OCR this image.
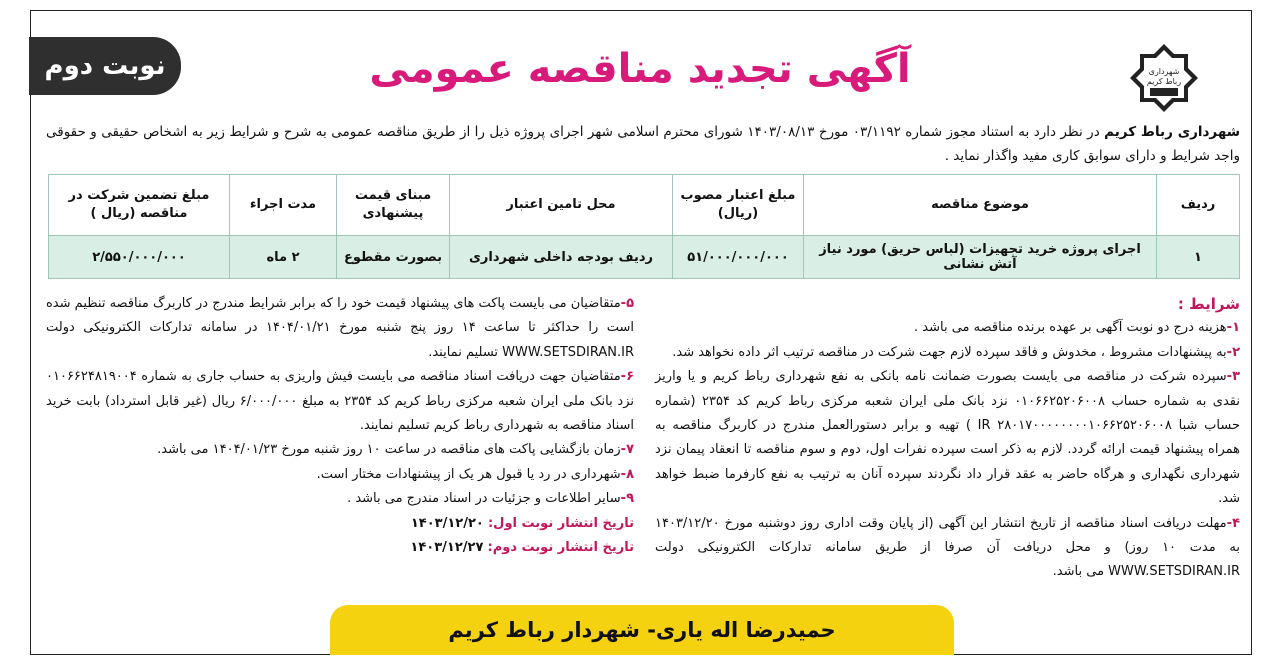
نوبت دوم	شهرداری
رباط کریم
آگهی تجدید مناقصه عمومی
شهرداری رباط کریم در نظر دارد به استناد مجوز شماره ۰۳/۱۱۹۲ مورخ ۱۴۰۳/۰۸/۱۳ شورای محترم اسلامی شهر اجرای پروژه ذیل را از طریق مناقصه عمومی به شرح و شرایط زیر به اشخاص حقیقی و حقوقی واجد شرایط و دارای سوابق کاری مفید واگذار نماید .
ردیف	موضوع مناقصه	مبلغ اعتبار مصوب (ریال)	محل تامین اعتبار	مبنای قیمت پیشنهادی	مدت اجراء	مبلغ تضمین شرکت در مناقصه (ریال )
۱	اجرای پروژه خرید تجهیزات (لباس حریق) مورد نیاز آتش نشانی	۵۱/۰۰۰/۰۰۰/۰۰۰	ردیف بودجه داخلی شهرداری	بصورت مقطوع	۲ ماه	۲/۵۵۰/۰۰۰/۰۰۰
شرایط :

۱-هزینه درج دو نوبت آگهی بر عهده برنده مناقصه می باشد .

۲-به پیشنهادات مشروط ، مخدوش و فاقد سپرده لازم جهت شرکت در مناقصه ترتیب اثر داده نخواهد شد.

۳-سپرده شرکت در مناقصه می بایست بصورت ضمانت نامه بانکی به نفع شهرداری رباط کریم و یا واریز نقدی به شماره حساب ۰۱۰۶۶۲۵۲۰۶۰۰۸ نزد بانک ملی ایران شعبه مرکزی رباط کریم کد ۲۳۵۴ (شماره حساب شبا IR ۲۸۰۱۷۰۰۰۰۰۰۰۰۱۰۶۶۲۵۲۰۶۰۰۸ ) تهیه و برابر دستورالعمل مندرج در کاربرگ مناقصه به همراه پیشنهاد قیمت ارائه گردد. لازم به ذکر است سپرده نفرات اول، دوم و سوم مناقصه تا انعقاد پیمان نزد شهرداری نگهداری و هرگاه حاضر به عقد قرار داد نگردند سپرده آنان به ترتیب به نفع کارفرما ضبط خواهد شد.

۴-مهلت دریافت اسناد مناقصه از تاریخ انتشار این آگهی (از پایان وقت اداری روز دوشنبه مورخ ۱۴۰۳/۱۲/۲۰ به مدت ۱۰ روز) و محل دریافت آن صرفا از طریق سامانه تدارکات الکترونیکی دولت WWW.SETSDIRAN.IR می باشد.

۵-متقاضیان می بایست پاکت های پیشنهاد قیمت خود را که برابر شرایط مندرج در کاربرگ مناقصه تنظیم شده است را حداکثر تا ساعت ۱۴ روز پنج شنبه مورخ ۱۴۰۴/۰۱/۲۱ در سامانه تدارکات الکترونیکی دولت WWW.SETSDIRAN.IR تسلیم نمایند.

۶-متقاضیان جهت دریافت اسناد مناقصه می بایست فیش واریزی به حساب جاری به شماره ۰۱۰۶۶۲۴۸۱۹۰۰۴ نزد بانک ملی ایران شعبه مرکزی رباط کریم کد ۲۳۵۴ به مبلغ ۶/۰۰۰/۰۰۰ ریال (غیر قابل استرداد) بابت خرید اسناد مناقصه به شهرداری رباط کریم تسلیم نمایند.

۷-زمان بازگشایی پاکت های مناقصه در ساعت ۱۰ روز شنبه مورخ ۱۴۰۴/۰۱/۲۳ می باشد.

۸-شهرداری در رد یا قبول هر یک از پیشنهادات مختار است.

۹-سایر اطلاعات و جزئیات در اسناد مندرج می باشد .

تاریخ انتشار نوبت اول: ۱۴۰۳/۱۲/۲۰

تاریخ انتشار نوبت دوم: ۱۴۰۳/۱۲/۲۷

حمیدرضا اله یاری- شهردار رباط کریم
